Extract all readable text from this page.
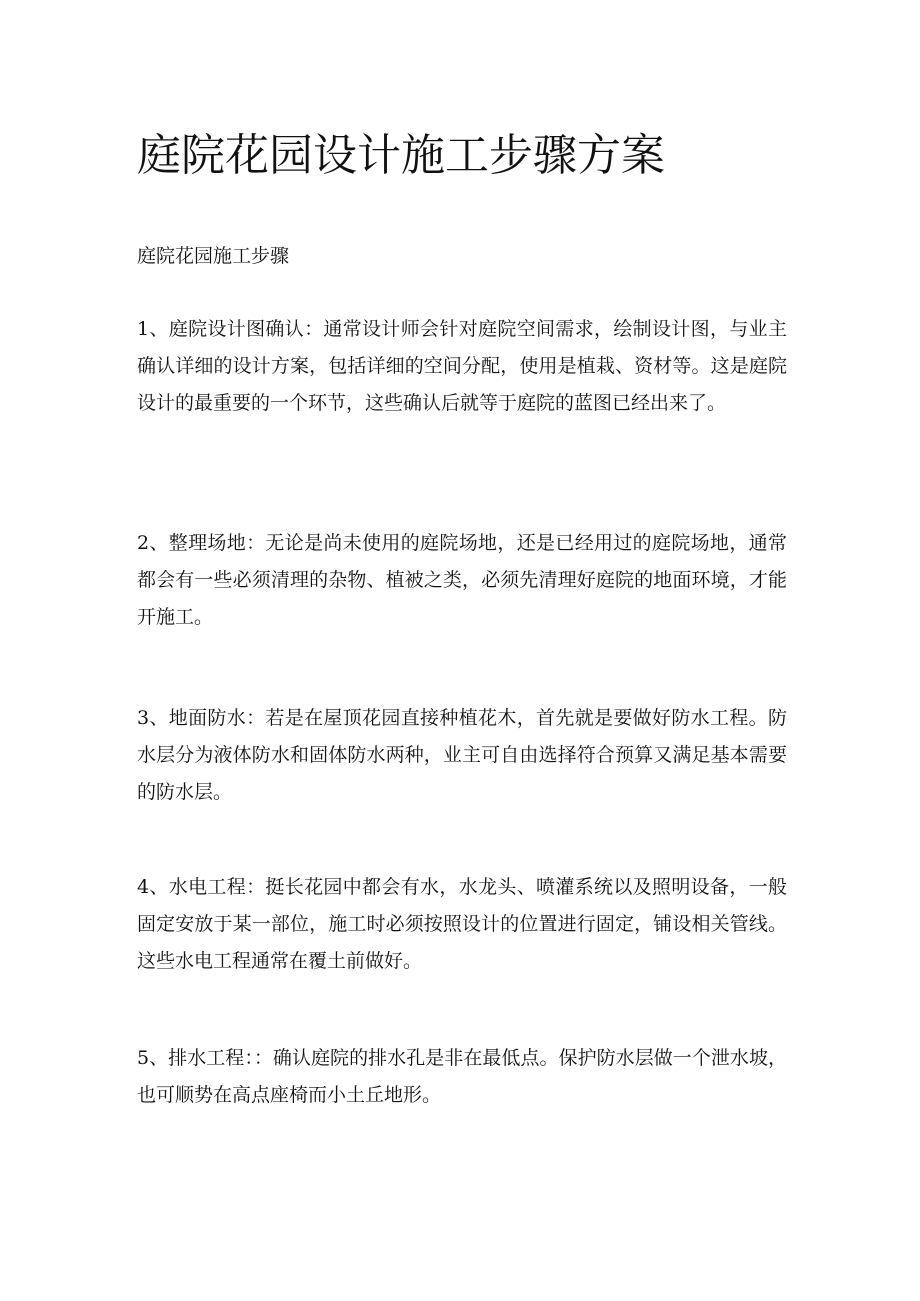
庭院花园设计施工步骤方案

庭院花园施工步骤

1、庭院设计图确认：通常设计师会针对庭院空间需求，绘制设计图，与业主确认详细的设计方案，包括详细的空间分配，使用是植栽、资材等。这是庭院设计的最重要的一个环节，这些确认后就等于庭院的蓝图已经出来了。

2、整理场地：无论是尚未使用的庭院场地，还是已经用过的庭院场地，通常都会有一些必须清理的杂物、植被之类，必须先清理好庭院的地面环境，才能开施工。

3、地面防水：若是在屋顶花园直接种植花木，首先就是要做好防水工程。防水层分为液体防水和固体防水两种，业主可自由选择符合预算又满足基本需要的防水层。

4、水电工程：挺长花园中都会有水，水龙头、喷灌系统以及照明设备，一般固定安放于某一部位，施工时必须按照设计的位置进行固定，铺设相关管线。这些水电工程通常在覆土前做好。

5、排水工程：：确认庭院的排水孔是非在最低点。保护防水层做一个泄水坡，也可顺势在高点座椅而小土丘地形。
